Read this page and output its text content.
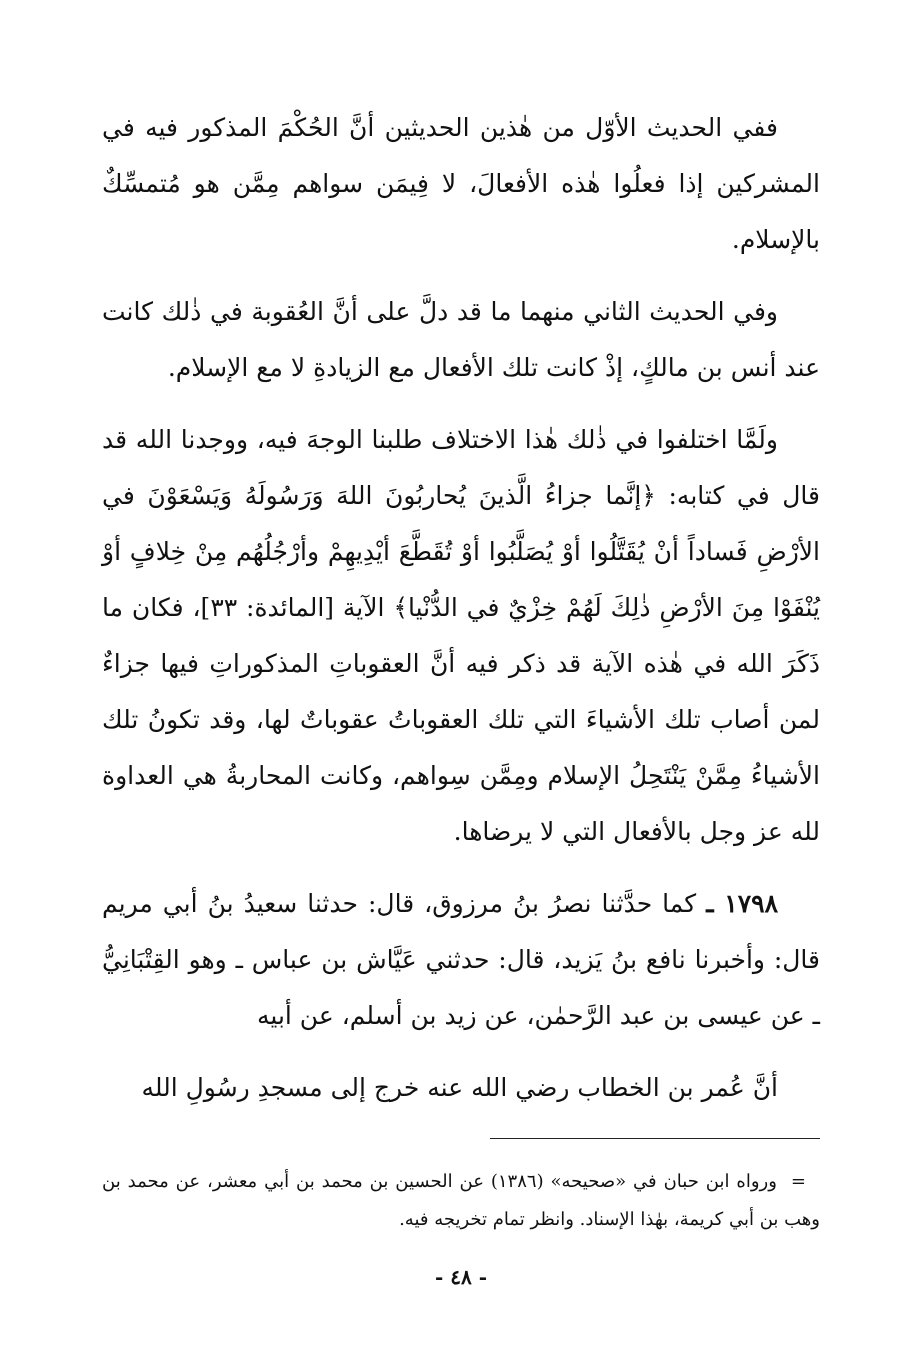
ففي الحديث الأوّل من هٰذين الحديثين أنَّ الحُكْمَ المذكور فيه في المشركين إذا فعلُوا هٰذه الأفعالَ، لا فِيمَن سواهم مِمَّن هو مُتمسِّكٌ بالإسلام.

وفي الحديث الثاني منهما ما قد دلَّ على أنَّ العُقوبة في ذٰلك كانت عند أنس بن مالكٍ، إذْ كانت تلك الأفعال مع الزيادةِ لا مع الإسلام.

ولَمَّا اختلفوا في ذٰلك هٰذا الاختلاف طلبنا الوجهَ فيه، ووجدنا الله قد قال في كتابه: ﴿إنَّما جزاءُ الَّذينَ يُحاربُونَ اللهَ وَرَسُولَهُ وَيَسْعَوْنَ في الأرْضِ فَساداً أنْ يُقَتَّلُوا أوْ يُصَلَّبُوا أوْ تُقَطَّعَ أيْدِيهِمْ وأرْجُلُهُم مِنْ خِلافٍ أوْ يُنْفَوْا مِنَ الأرْضِ ذٰلِكَ لَهُمْ خِزْيٌ في الدُّنْيا﴾ الآية [المائدة: ٣٣]، فكان ما ذَكَرَ الله في هٰذه الآية قد ذكر فيه أنَّ العقوباتِ المذكوراتِ فيها جزاءٌ لمن أصاب تلك الأشياءَ التي تلك العقوباتُ عقوباتٌ لها، وقد تكونُ تلك الأشياءُ مِمَّنْ يَنْتَحِلُ الإسلام ومِمَّن سِواهم، وكانت المحاربةُ هي العداوة لله عز وجل بالأفعال التي لا يرضاها.

١٧٩٨ ـ كما حدَّثنا نصرُ بنُ مرزوق، قال: حدثنا سعيدُ بنُ أبي مريم قال: وأخبرنا نافع بنُ يَزيد، قال: حدثني عَيَّاش بن عباس ـ وهو القِتْبَانِيُّ ـ عن عيسى بن عبد الرَّحمٰن، عن زيد بن أسلم، عن أبيه

أنَّ عُمر بن الخطاب رضي الله عنه خرج إلى مسجدِ رسُولِ الله

=ورواه ابن حبان في «صحيحه» (١٣٨٦) عن الحسين بن محمد بن أبي معشر، عن محمد بن وهب بن أبي كريمة، بهٰذا الإسناد. وانظر تمام تخريجه فيه.

- ٤٨ -
